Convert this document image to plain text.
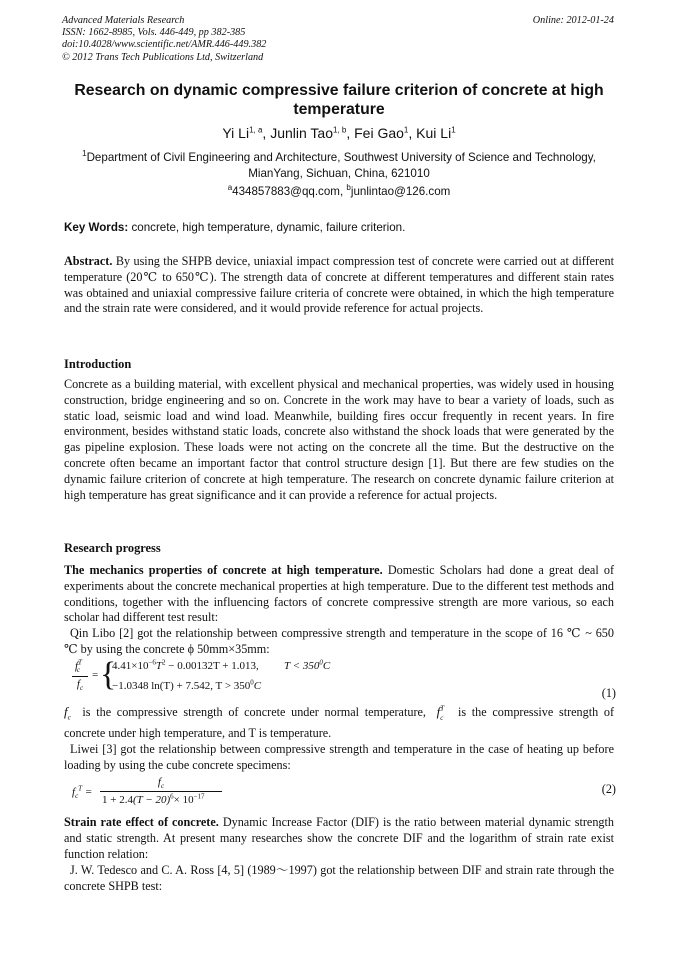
Advanced Materials Research
ISSN: 1662-8985, Vols. 446-449, pp 382-385
doi:10.4028/www.scientific.net/AMR.446-449.382
© 2012 Trans Tech Publications Ltd, Switzerland
Online: 2012-01-24
Research on dynamic compressive failure criterion of concrete at high temperature
Yi Li$^{1, a}$, Junlin Tao$^{1, b}$, Fei Gao$^1$, Kui Li$^1$
$^1$Department of Civil Engineering and Architecture, Southwest University of Science and Technology, MianYang, Sichuan, China, 621010
$^a$434857883@qq.com, $^b$junlintao@126.com
Key Words: concrete, high temperature, dynamic, failure criterion.
Abstract. By using the SHPB device, uniaxial impact compression test of concrete were carried out at different temperature (20℃ to 650℃). The strength data of concrete at different temperatures and different stain rates was obtained and uniaxial compressive failure criteria of concrete were obtained, in which the high temperature and the strain rate were considered, and it would provide reference for actual projects.
Introduction
Concrete as a building material, with excellent physical and mechanical properties, was widely used in housing construction, bridge engineering and so on. Concrete in the work may have to bear a variety of loads, such as static load, seismic load and wind load. Meanwhile, building fires occur frequently in recent years. In fire environment, besides withstand static loads, concrete also withstand the shock loads that were generated by the gas pipeline explosion. These loads were not acting on the concrete all the time. But the destructive on the concrete often became an important factor that control structure design [1]. But there are few studies on the dynamic failure criterion of concrete at high temperature. The research on concrete dynamic failure criterion at high temperature has great significance and it can provide a reference for actual projects.
Research progress
The mechanics properties of concrete at high temperature. Domestic Scholars had done a great deal of experiments about the concrete mechanical properties at high temperature. Due to the different test methods and conditions, together with the influencing factors of concrete compressive strength are more various, so each scholar had different test result:
Qin Libo [2] got the relationship between compressive strength and temperature in the scope of 16 ℃ ~ 650 ℃ by using the concrete ϕ 50mm×35mm:
$f^T_c$
$f_c$
= {
$4.41\times 10^{-6}T^2 - 0.00132T + 1.013$, $T < 350^0C$
−1.0348 ln(T) + 7.542, $T > 350^0C$	(1)
$f_c$ is the compressive strength of concrete under normal temperature, $f^T_c$ is the compressive strength of concrete under high temperature, and T is temperature.
Liwei [3] got the relationship between compressive strength and temperature in the case of heating up before loading by using the cube concrete specimens:
$f_c^T$ =
$f_c$
$1 + 2.4(T - 20)^6\times 10^{-17}$
(2)
Strain rate effect of concrete. Dynamic Increase Factor (DIF) is the ratio between material dynamic strength and static strength. At present many researches show the concrete DIF and the logarithm of strain rate exist function relation:
J. W. Tedesco and C. A. Ross [4, 5] (1989～1997) got the relationship between DIF and strain rate through the concrete SHPB test:
